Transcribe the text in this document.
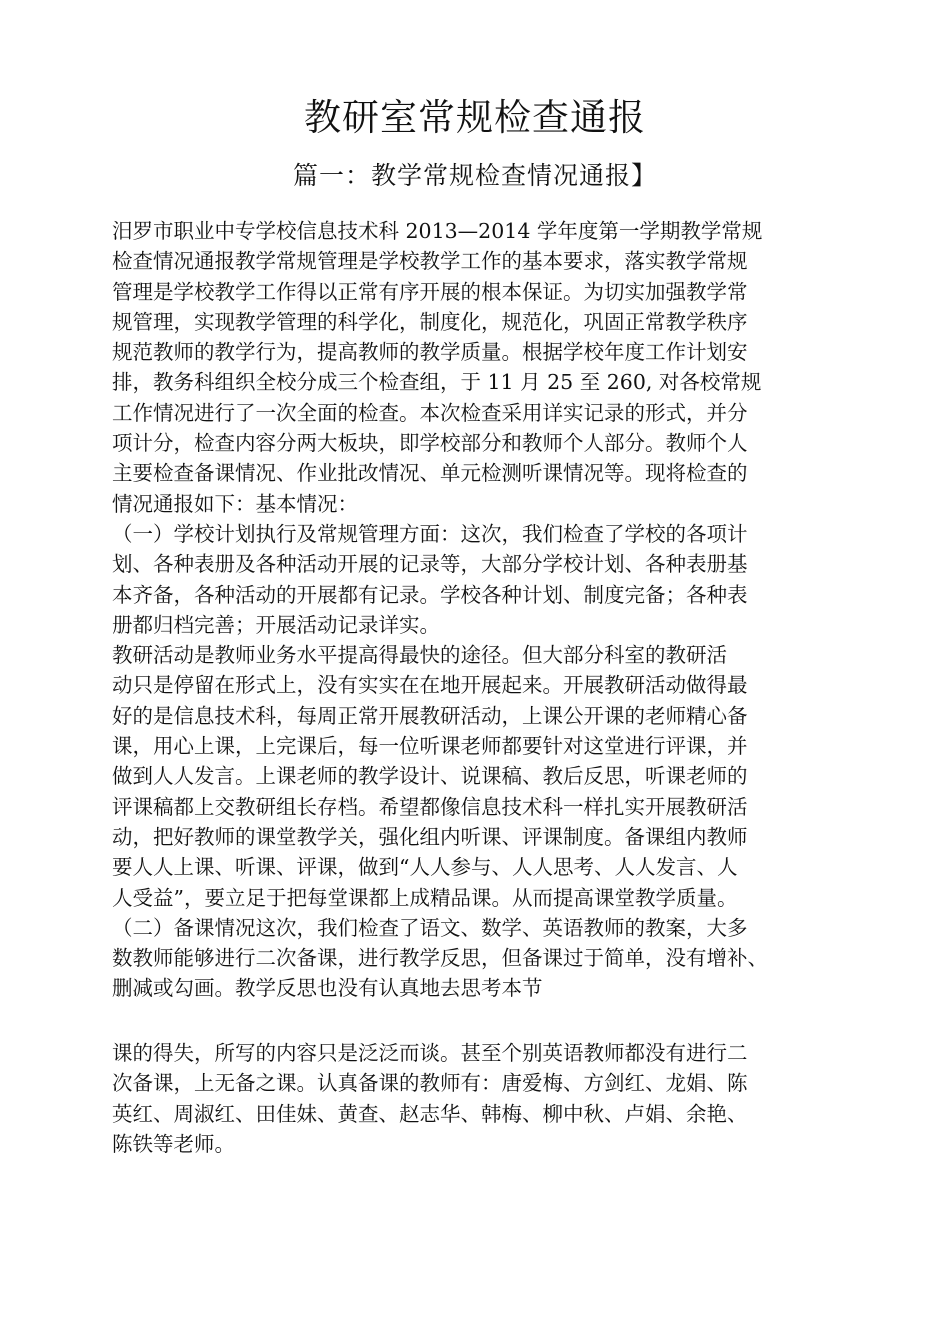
教研室常规检查通报
篇一：教学常规检查情况通报】
汨罗市职业中专学校信息技术科 2013—2014 学年度第一学期教学常规
检查情况通报教学常规管理是学校教学工作的基本要求，落实教学常规
管理是学校教学工作得以正常有序开展的根本保证。为切实加强教学常
规管理，实现教学管理的科学化，制度化，规范化，巩固正常教学秩序
规范教师的教学行为，提高教师的教学质量。根据学校年度工作计划安
排，教务科组织全校分成三个检查组，于 11 月 25 至 260, 对各校常规
工作情况进行了一次全面的检查。本次检查采用详实记录的形式，并分
项计分，检查内容分两大板块，即学校部分和教师个人部分。教师个人
主要检查备课情况、作业批改情况、单元检测听课情况等。现将检查的
情况通报如下：基本情况：
（一）学校计划执行及常规管理方面：这次，我们检查了学校的各项计
划、各种表册及各种活动开展的记录等，大部分学校计划、各种表册基
本齐备，各种活动的开展都有记录。学校各种计划、制度完备；各种表
册都归档完善；开展活动记录详实。
教研活动是教师业务水平提高得最快的途径。但大部分科室的教研活
动只是停留在形式上，没有实实在在地开展起来。开展教研活动做得最
好的是信息技术科，每周正常开展教研活动，上课公开课的老师精心备
课，用心上课，上完课后，每一位听课老师都要针对这堂进行评课，并
做到人人发言。上课老师的教学设计、说课稿、教后反思，听课老师的
评课稿都上交教研组长存档。希望都像信息技术科一样扎实开展教研活
动，把好教师的课堂教学关，强化组内听课、评课制度。备课组内教师
要人人上课、听课、评课，做到“人人参与、人人思考、人人发言、人
人受益”，要立足于把每堂课都上成精品课。从而提高课堂教学质量。
（二）备课情况这次，我们检查了语文、数学、英语教师的教案，大多
数教师能够进行二次备课，进行教学反思，但备课过于简单，没有增补、
删减或勾画。教学反思也没有认真地去思考本节
课的得失，所写的内容只是泛泛而谈。甚至个别英语教师都没有进行二
次备课，上无备之课。认真备课的教师有：唐爱梅、方剑红、龙娟、陈
英红、周淑红、田佳妹、黄查、赵志华、韩梅、柳中秋、卢娟、余艳、
陈铁等老师。
